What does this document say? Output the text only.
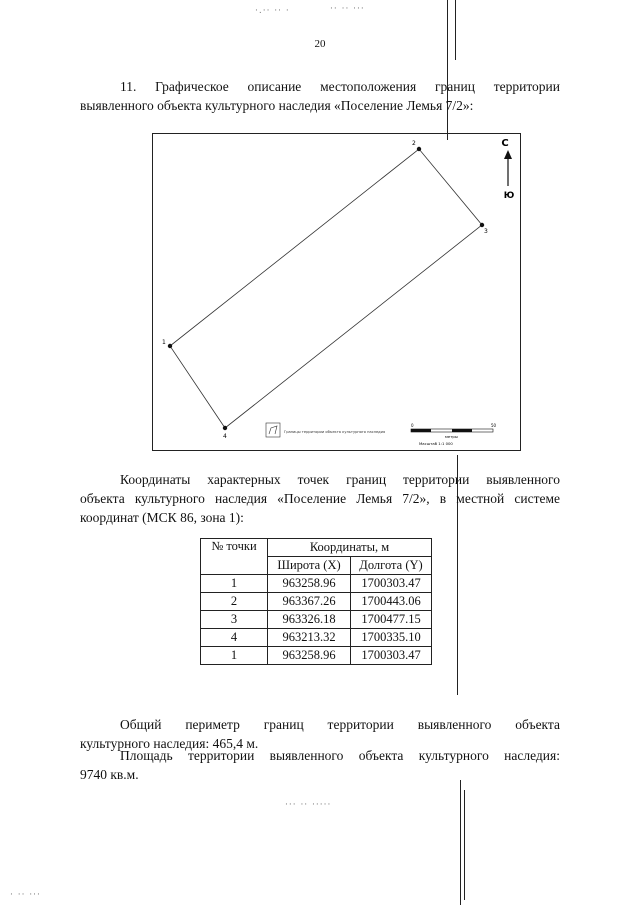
·.·· ·· ·	·· ·· ···
20
11. Графическое описание местоположения границ территории
выявленного объекта культурного наследия «Поселение Лемья 7/2»:
1
2
3
4
С
Ю
Границы территории объекта культурного наследия
0	50
метры
Масштаб 1:1 000
Координаты характерных точек границ территории выявленного
объекта культурного наследия «Поселение Лемья 7/2», в местной системе
координат (МСК 86, зона 1):
№ точки	Координаты, м	
	Широта (X)	Долгота (Y)
1	963258.96	1700303.47
2	963367.26	1700443.06
3	963326.18	1700477.15
4	963213.32	1700335.10
1	963258.96	1700303.47
Общий периметр границ территории выявленного объекта
культурного наследия: 465,4 м.
Площадь территории выявленного объекта культурного наследия:
9740 кв.м.
··· ·· ·····
· ·· ···
